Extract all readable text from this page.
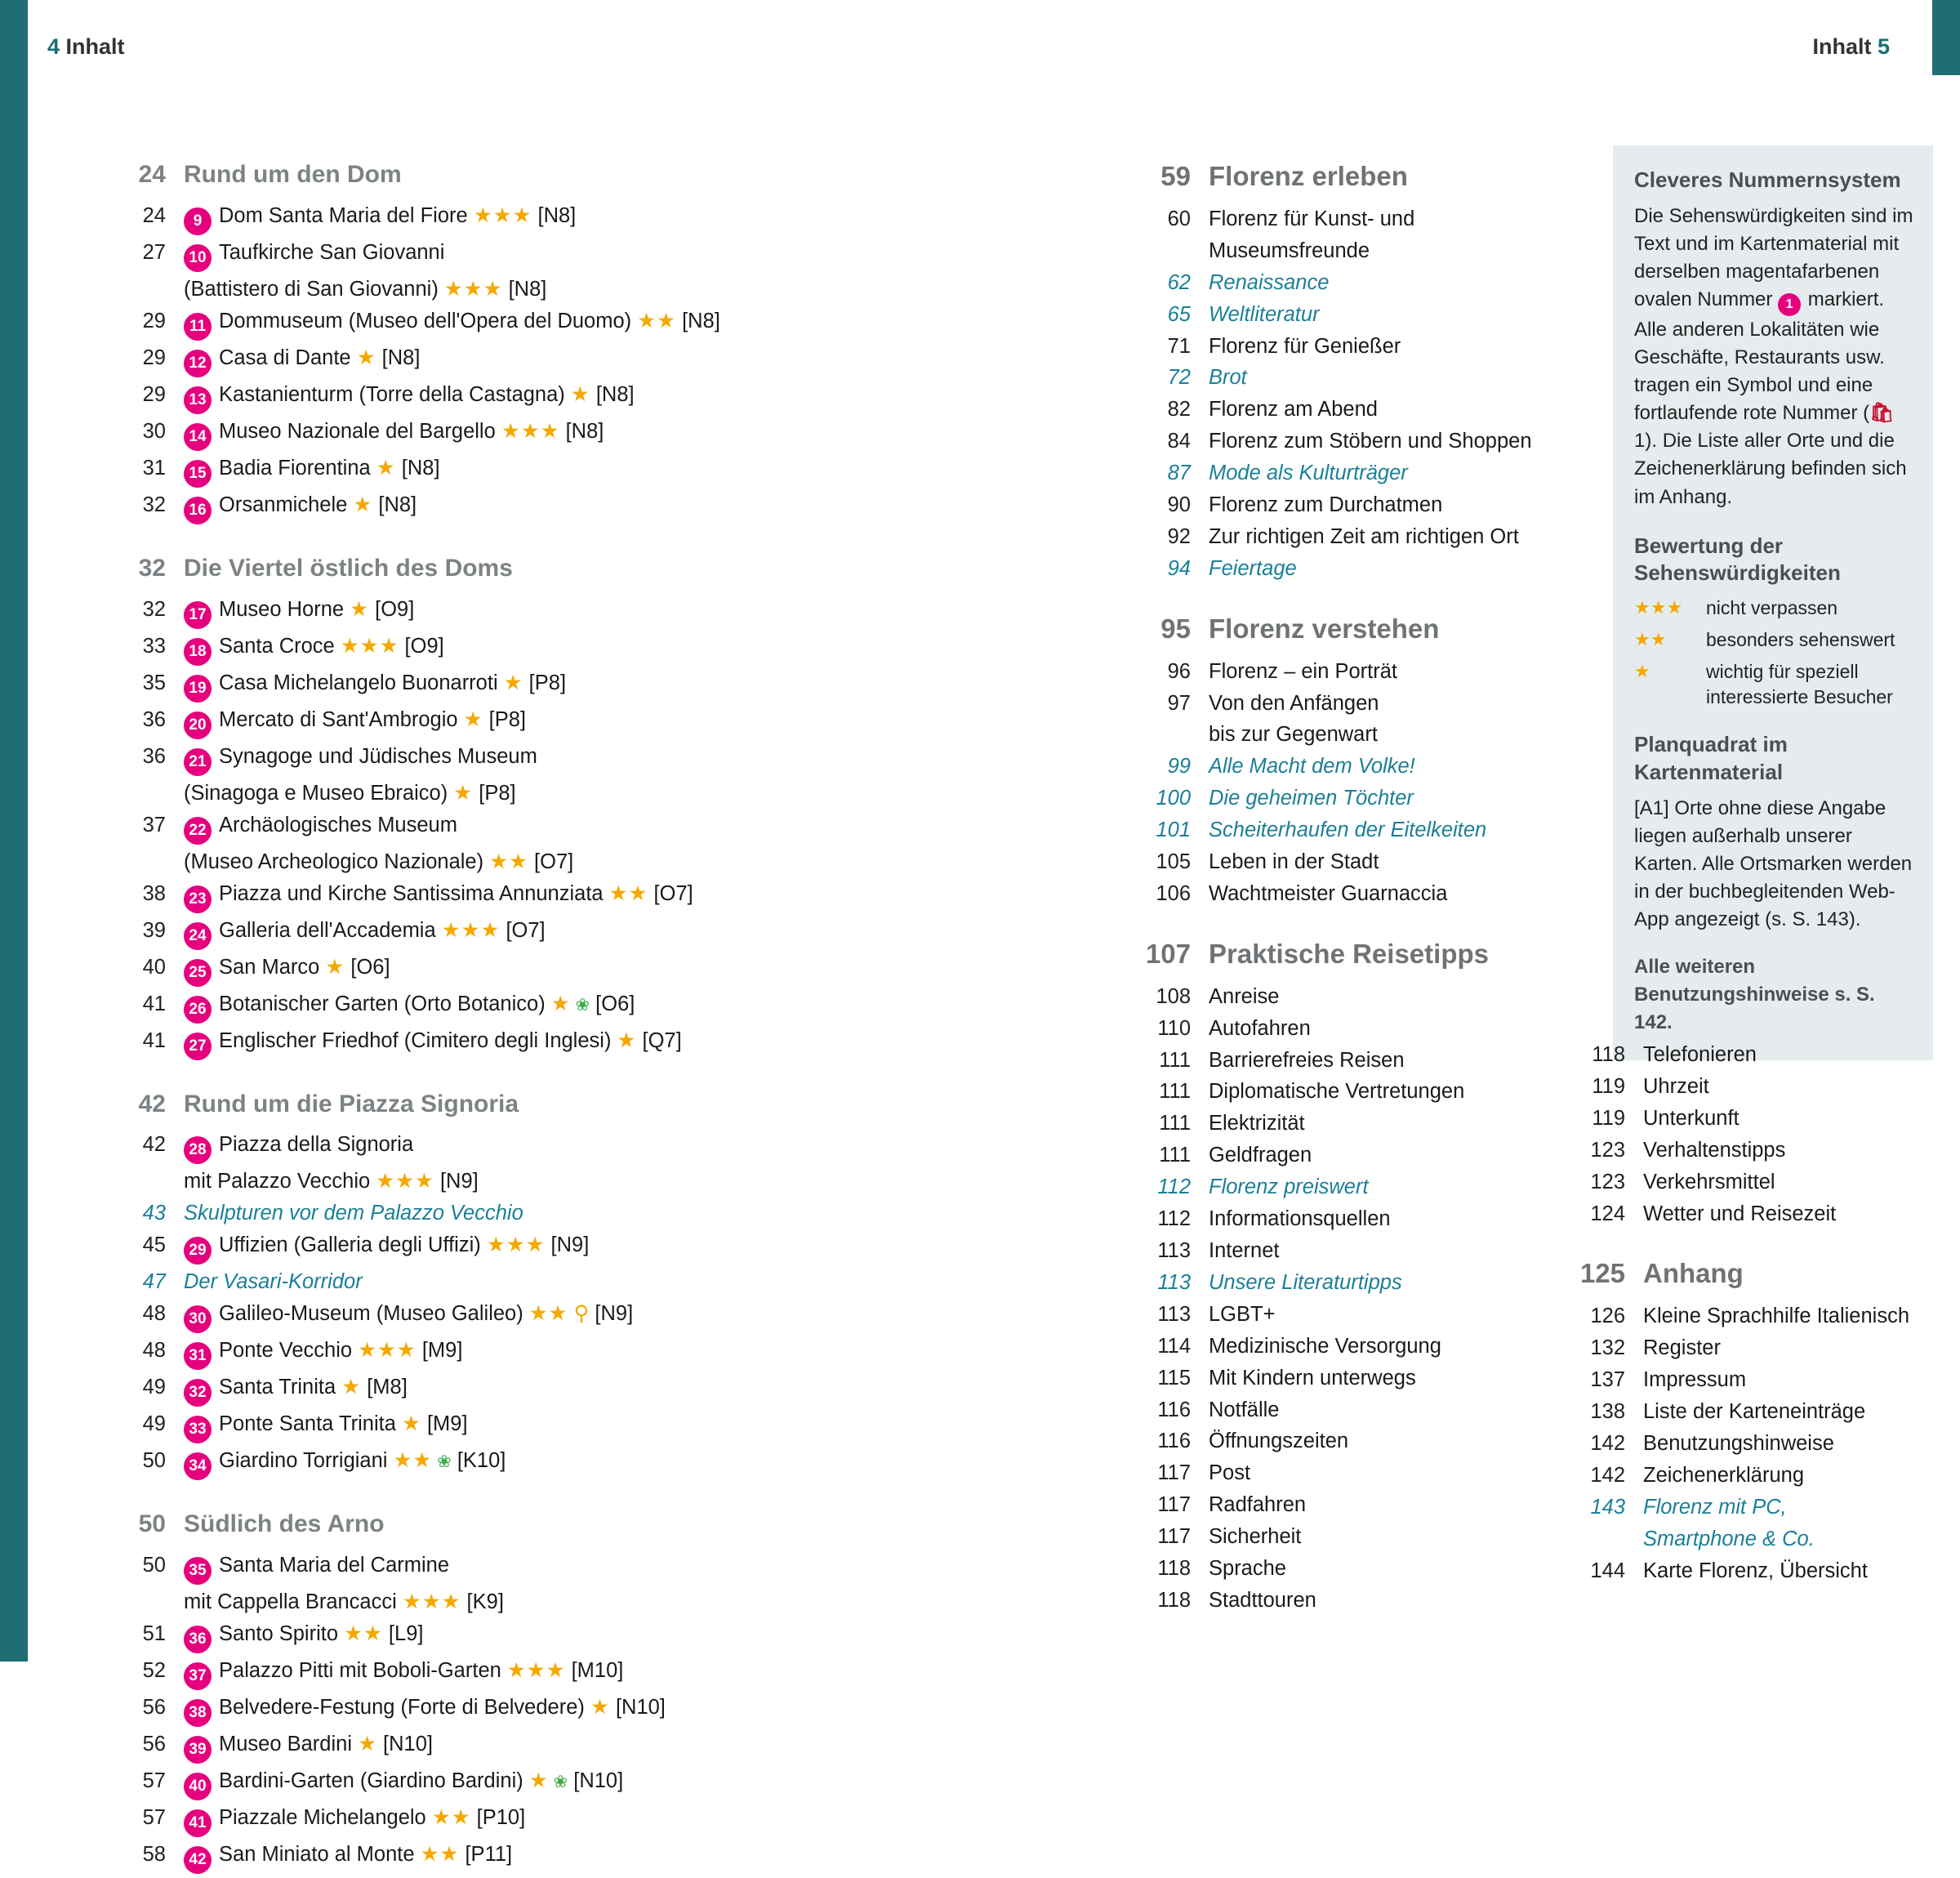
4 Inhalt	Inhalt 5
24 Rund um den Dom
24	9 Dom Santa Maria del Fiore ★★★ [N8]
27	10 Taufkirche San Giovanni
(Battistero di San Giovanni) ★★★ [N8]
29	11 Dommuseum (Museo dell'Opera del Duomo) ★★ [N8]
29	12 Casa di Dante ★ [N8]
29	13 Kastanienturm (Torre della Castagna) ★ [N8]
30	14 Museo Nazionale del Bargello ★★★ [N8]
31	15 Badia Fiorentina ★ [N8]
32	16 Orsanmichele ★ [N8]
32 Die Viertel östlich des Doms
32	17 Museo Horne ★ [O9]
33	18 Santa Croce ★★★ [O9]
35	19 Casa Michelangelo Buonarroti ★ [P8]
36	20 Mercato di Sant'Ambrogio ★ [P8]
36	21 Synagoge und Jüdisches Museum
(Sinagoga e Museo Ebraico) ★ [P8]
37	22 Archäologisches Museum
(Museo Archeologico Nazionale) ★★ [O7]
38	23 Piazza und Kirche Santissima Annunziata ★★ [O7]
39	24 Galleria dell'Accademia ★★★ [O7]
40	25 San Marco ★ [O6]
41	26 Botanischer Garten (Orto Botanico) ★ ❀ [O6]
41	27 Englischer Friedhof (Cimitero degli Inglesi) ★ [Q7]
42 Rund um die Piazza Signoria
42	28 Piazza della Signoria
mit Palazzo Vecchio ★★★ [N9]
43 Skulpturen vor dem Palazzo Vecchio
45	29 Uffizien (Galleria degli Uffizi) ★★★ [N9]
47 Der Vasari-Korridor
48	30 Galileo-Museum (Museo Galileo) ★★ ⚲ [N9]
48	31 Ponte Vecchio ★★★ [M9]
49	32 Santa Trinita ★ [M8]
49	33 Ponte Santa Trinita ★ [M9]
50	34 Giardino Torrigiani ★★ ❀ [K10]
50 Südlich des Arno
50	35 Santa Maria del Carmine
mit Cappella Brancacci ★★★ [K9]
51	36 Santo Spirito ★★ [L9]
52	37 Palazzo Pitti mit Boboli-Garten ★★★ [M10]
56	38 Belvedere-Festung (Forte di Belvedere) ★ [N10]
56	39 Museo Bardini ★ [N10]
57	40 Bardini-Garten (Giardino Bardini) ★ ❀ [N10]
57	41 Piazzale Michelangelo ★★ [P10]
58	42 San Miniato al Monte ★★ [P11]
59 Florenz erleben
60 Florenz für Kunst- und
Museumsfreunde
62 Renaissance
65 Weltliteratur
71 Florenz für Genießer
72 Brot
82 Florenz am Abend
84 Florenz zum Stöbern und Shoppen
87 Mode als Kulturträger
90 Florenz zum Durchatmen
92 Zur richtigen Zeit am richtigen Ort
94 Feiertage
95 Florenz verstehen
96 Florenz – ein Porträt
97 Von den Anfängen
bis zur Gegenwart
99 Alle Macht dem Volke!
100 Die geheimen Töchter
101 Scheiterhaufen der Eitelkeiten
105 Leben in der Stadt
106 Wachtmeister Guarnaccia
107 Praktische Reisetipps
108 Anreise
110 Autofahren
111 Barrierefreies Reisen
111 Diplomatische Vertretungen
111 Elektrizität
111 Geldfragen
112 Florenz preiswert
112 Informationsquellen
113 Internet
113 Unsere Literaturtipps
113 LGBT+
114 Medizinische Versorgung
115 Mit Kindern unterwegs
116 Notfälle
116 Öffnungszeiten
117 Post
117 Radfahren
117 Sicherheit
118 Sprache
118 Stadttouren
Cleveres Nummernsystem
Die Sehenswürdigkeiten sind im Text und im Kartenmaterial mit derselben magentafarbenen ovalen Nummer 1 markiert. Alle anderen Lokalitäten wie Geschäfte, Restaurants usw. tragen ein Symbol und eine fortlaufende rote Nummer (🛍1). Die Liste aller Orte und die Zeichenerklärung befinden sich im Anhang.
Bewertung der Sehenswürdigkeiten
★★★	nicht verpassen
★★	besonders sehenswert
★	wichtig für speziell interessierte Besucher
Planquadrat im Kartenmaterial
[A1] Orte ohne diese Angabe liegen außerhalb unserer Karten. Alle Ortsmarken werden in der buchbegleitenden Web-App angezeigt (s. S. 143).
Alle weiteren Benutzungshinweise s. S. 142.
118 Telefonieren
119 Uhrzeit
119 Unterkunft
123 Verhaltenstipps
123 Verkehrsmittel
124 Wetter und Reisezeit
125 Anhang
126 Kleine Sprachhilfe Italienisch
132 Register
137 Impressum
138 Liste der Karteneinträge
142 Benutzungshinweise
142 Zeichenerklärung
143 Florenz mit PC,
Smartphone & Co.
144 Karte Florenz, Übersicht
